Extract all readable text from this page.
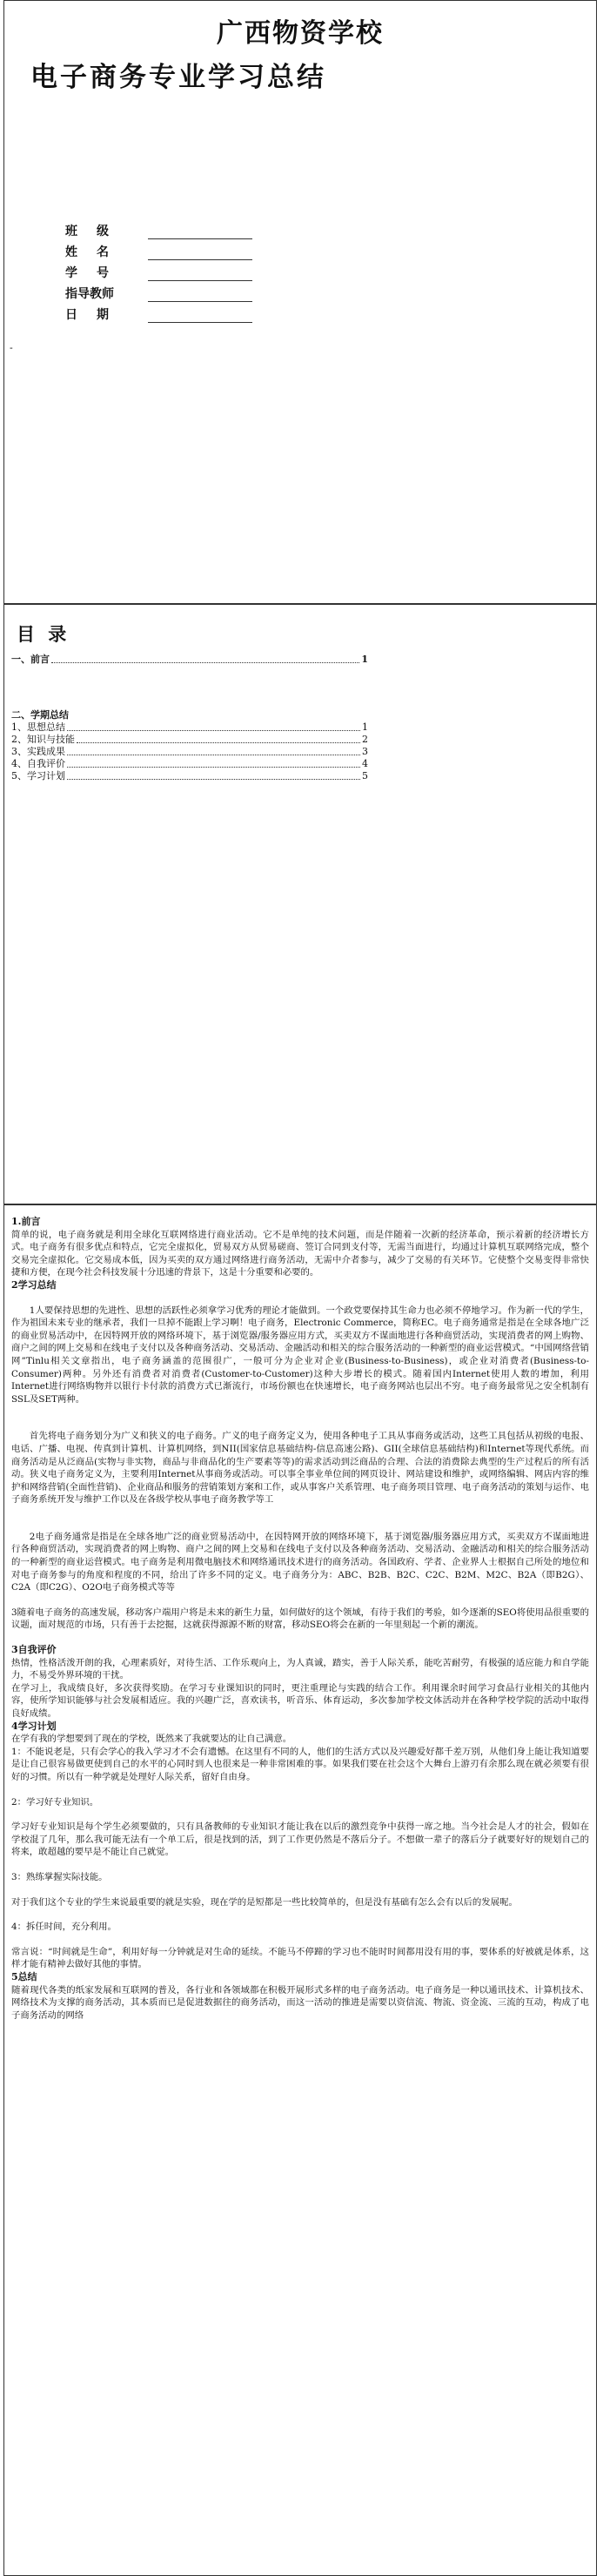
广西物资学校
电子商务专业学习总结
班　级
姓　名
学　号
指导教师
日　期
-
目 录
一、前言	1
二、学期总结
1、思想总结	1
2、知识与技能	2
3、实践成果	3
4、自我评价	4
5、学习计划	5
1.前言

简单的说，电子商务就是利用全球化互联网络进行商业活动。它不是单纯的技术问题，而是伴随着一次新的经济革命，预示着新的经济增长方式。电子商务有很多优点和特点，它完全虚拟化，贸易双方从贸易磋商、签订合同到支付等，无需当面进行，均通过计算机互联网络完成，整个交易完全虚拟化。它交易成本低，因为买卖的双方通过网络进行商务活动，无需中介者参与，减少了交易的有关环节。它使整个交易变得非常快捷和方便，在现今社会科技发展十分迅速的背景下，这是十分重要和必要的。

2学习总结

1人要保持思想的先进性、思想的活跃性必须拿学习优秀的理论才能做到。一个政党要保持其生命力也必须不停地学习。作为新一代的学生，作为祖国未来专业的继承者，我们一旦掉不能跟上学习啊！电子商务，Electronic Commerce，简称EC。电子商务通常是指是在全球各地广泛的商业贸易活动中，在因特网开放的网络环境下，基于浏览器/服务器应用方式，买卖双方不谋面地进行各种商贸活动，实现消费者的网上购物、商户之间的网上交易和在线电子支付以及各种商务活动、交易活动、金融活动和相关的综合服务活动的一种新型的商业运营模式。“中国网络营销网”Tinlu相关文章指出，电子商务涵盖的范围很广，一般可分为企业对企业(Business-to-Business)，或企业对消费者(Business-to-Consumer)两种。另外还有消费者对消费者(Customer-to-Customer)这种大步增长的模式。随着国内Internet使用人数的增加，利用Internet进行网络购物并以银行卡付款的消费方式已渐流行，市场份额也在快速增长，电子商务网站也层出不穷。电子商务最常见之安全机制有SSL及SET两种。

首先将电子商务划分为广义和狭义的电子商务。广义的电子商务定义为，使用各种电子工具从事商务或活动，这些工具包括从初级的电报、电话、广播、电视、传真到计算机、计算机网络，到NII(国家信息基础结构-信息高速公路)、GII(全球信息基础结构)和Internet等现代系统。而商务活动是从泛商品(实物与非实物，商品与非商品化的生产要素等等)的需求活动到泛商品的合理、合法的消费除去典型的生产过程后的所有活动。狭义电子商务定义为，主要利用Internet从事商务或活动。可以事全事业单位间的网页设计、网站建设和维护，或网络编辑、网店内容的维护和网络营销(全面性营销)、企业商品和服务的营销策划方案和工作，或从事客户关系管理、电子商务项目管理、电子商务活动的策划与运作、电子商务系统开发与维护工作以及在各级学校从事电子商务教学等工

2电子商务通常是指是在全球各地广泛的商业贸易活动中，在因特网开放的网络环境下，基于浏览器/服务器应用方式，买卖双方不谋面地进行各种商贸活动，实现消费者的网上购物、商户之间的网上交易和在线电子支付以及各种商务活动、交易活动、金融活动和相关的综合服务活动的一种新型的商业运营模式。电子商务是利用微电脑技术和网络通讯技术进行的商务活动。各国政府、学者、企业界人士根据自己所处的地位和对电子商务参与的角度和程度的不同，给出了许多不同的定义。电子商务分为：ABC、B2B、B2C、C2C、B2M、M2C、B2A（即B2G）、C2A（即C2G）、O2O电子商务模式等等

3随着电子商务的高速发展，移动客户端用户将是未来的新生力量，如何做好的这个领域，有待于我们的考验，如今逐渐的SEO将使用品很重要的议题，面对规范的市场，只有善于去挖掘，这就获得源源不断的财富，移动SEO将会在新的一年里刻起一个新的潮流。

3自我评价

热情，性格活泼开朗的我，心理素质好，对待生活、工作乐观向上，为人真诚，踏实，善于人际关系，能吃苦耐劳，有极强的适应能力和自学能力，不易受外界环境的干扰。

在学习上，我成绩良好，多次获得奖励。在学习专业课知识的同时，更注重理论与实践的结合工作。利用课余时间学习食品行业相关的其他内容，使所学知识能够与社会发展相适应。我的兴趣广泛，喜欢读书，听音乐、体育运动，多次参加学校文体活动并在各种学校学院的活动中取得良好成绩。

4学习计划

在学有我的学想要到了现在的学校，既然来了我就要达的让自己满意。

1：不能说老是，只有会学心的我入学习才不会有遗憾。在这里有不同的人，他们的生活方式以及兴趣爱好都千差万别，从他们身上能让我知道要是让自己很容易做更使到自己的水平的心同时到人也很来是一种非常困难的事。如果我们要在社会这个大舞台上游刃有余那么现在就必须要有很好的习惯。所以有一种学就是处理好人际关系，留好自由身。

2：学习好专业知识。

学习好专业知识是每个学生必须要做的，只有具备教师的专业知识才能让我在以后的激烈竞争中获得一席之地。当今社会是人才的社会，假如在学校混了几年，那么我可能无法有一个单工后，很是找到的活，到了工作更仍然是不落后分子。不想做一辈子的落后分子就要好好的规划自己的将来，敢超越的要早是不能让自己就觉。

3：熟练掌握实际技能。

对于我们这个专业的学生来说最重要的就是实验，现在学的是短都是一些比较简单的，但是没有基础有怎么会有以后的发展呢。

4：拆任时间，充分利用。

常言说：“时间就是生命”，利用好每一分钟就是对生命的延续。不能马不停蹄的学习也不能时时间都用没有用的事，要体系的好被就是体系，这样才能有精神去做好其他的事情。

5总结

随着现代各类的纸家发展和互联网的普及，各行业和各领域都在积极开展形式多样的电子商务活动。电子商务是一种以通讯技术、计算机技术、网络技术为支撑的商务活动，其本质而已是促进数据往的商务活动，而这一活动的推进是需要以资信流、物流、资金流、三流的互动，构成了电子商务活动的网络
